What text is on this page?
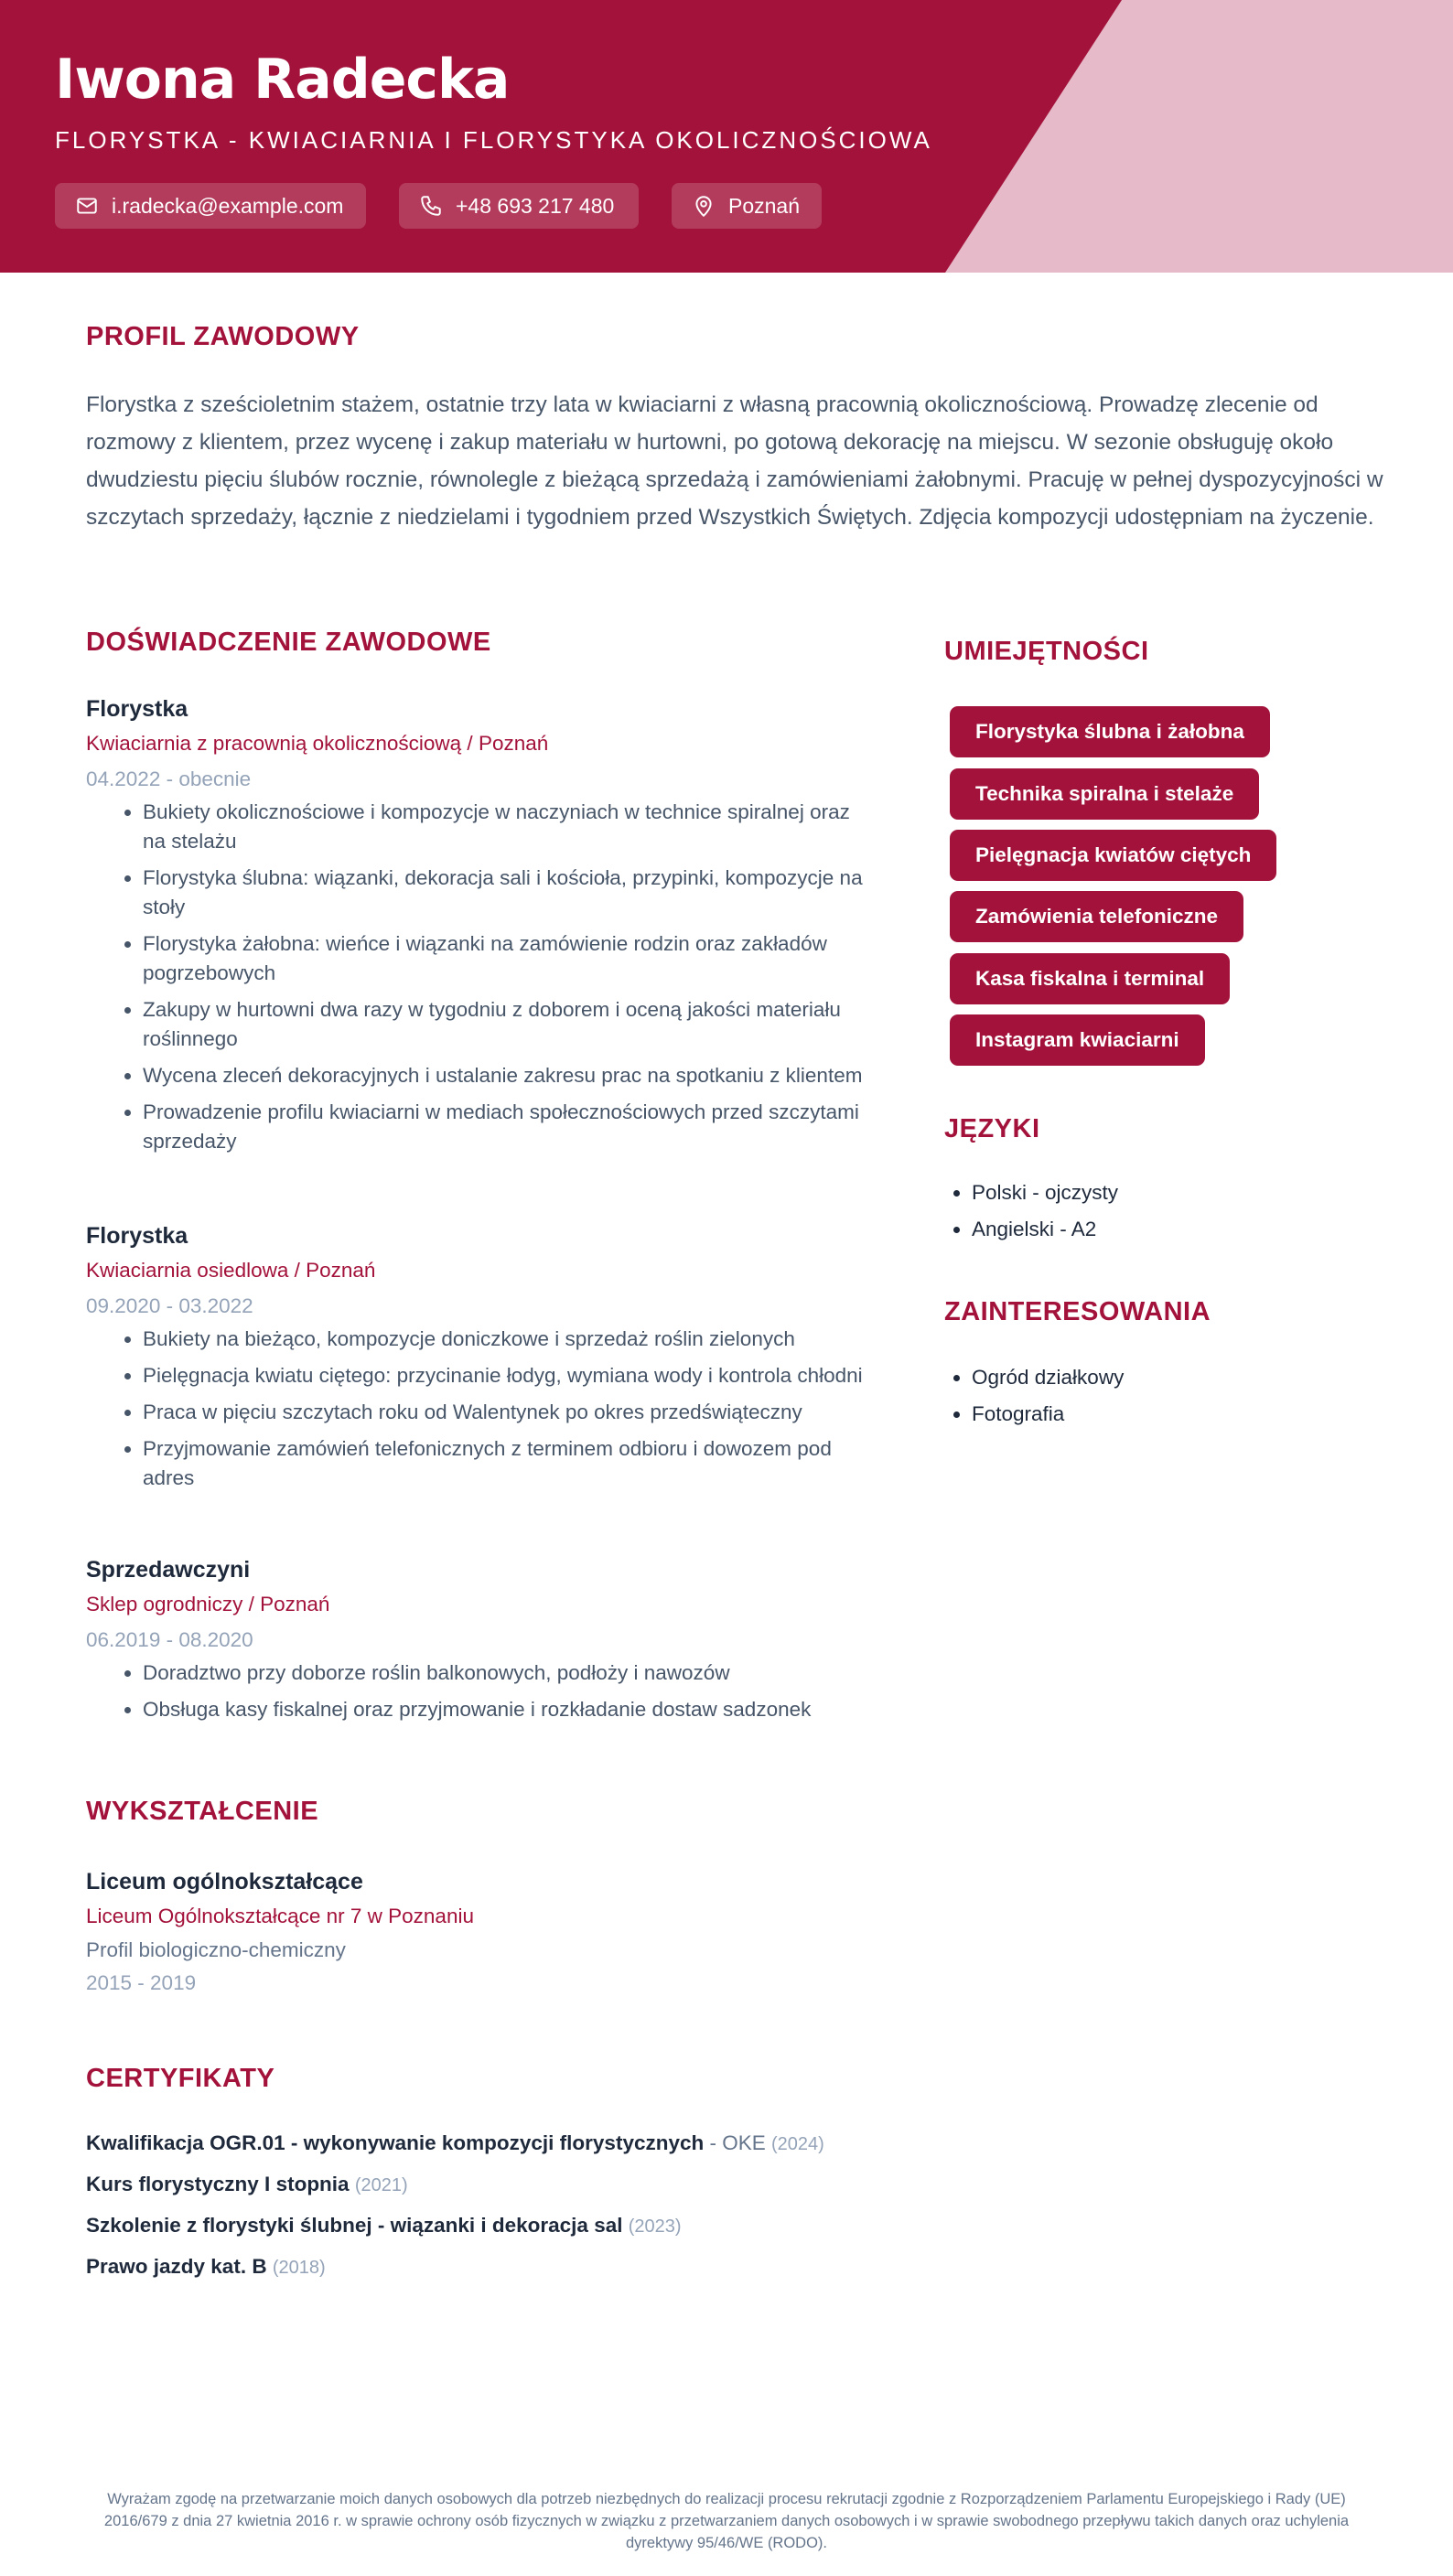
Iwona Radecka
FLORYSTKA - KWIACIARNIA I FLORYSTYKA OKOLICZNOŚCIOWA
i.radecka@example.com	+48 693 217 480	Poznań
PROFIL ZAWODOWY

Florystka z sześcioletnim stażem, ostatnie trzy lata w kwiaciarni z własną pracownią okolicznościową. Prowadzę zlecenie od rozmowy z klientem, przez wycenę i zakup materiału w hurtowni, po gotową dekorację na miejscu. W sezonie obsługuję około dwudziestu pięciu ślubów rocznie, równolegle z bieżącą sprzedażą i zamówieniami żałobnymi. Pracuję w pełnej dyspozycyjności w szczytach sprzedaży, łącznie z niedzielami i tygodniem przed Wszystkich Świętych. Zdjęcia kompozycji udostępniam na życzenie.

DOŚWIADCZENIE ZAWODOWE
Florystka
Kwiaciarnia z pracownią okolicznościową / Poznań
04.2022 - obecnie
• Bukiety okolicznościowe i kompozycje w naczyniach w technice spiralnej oraz na stelażu
• Florystyka ślubna: wiązanki, dekoracja sali i kościoła, przypinki, kompozycje na stoły
• Florystyka żałobna: wieńce i wiązanki na zamówienie rodzin oraz zakładów pogrzebowych
• Zakupy w hurtowni dwa razy w tygodniu z doborem i oceną jakości materiału roślinnego
• Wycena zleceń dekoracyjnych i ustalanie zakresu prac na spotkaniu z klientem
• Prowadzenie profilu kwiaciarni w mediach społecznościowych przed szczytami sprzedaży
Florystka
Kwiaciarnia osiedlowa / Poznań
09.2020 - 03.2022
• Bukiety na bieżąco, kompozycje doniczkowe i sprzedaż roślin zielonych
• Pielęgnacja kwiatu ciętego: przycinanie łodyg, wymiana wody i kontrola chłodni
• Praca w pięciu szczytach roku od Walentynek po okres przedświąteczny
• Przyjmowanie zamówień telefonicznych z terminem odbioru i dowozem pod adres
Sprzedawczyni
Sklep ogrodniczy / Poznań
06.2019 - 08.2020
• Doradztwo przy doborze roślin balkonowych, podłoży i nawozów
• Obsługa kasy fiskalnej oraz przyjmowanie i rozkładanie dostaw sadzonek
UMIEJĘTNOŚCI
Florystyka ślubna i żałobna
Technika spiralna i stelaże
Pielęgnacja kwiatów ciętych
Zamówienia telefoniczne
Kasa fiskalna i terminal
Instagram kwiaciarni
JĘZYKI
• Polski - ojczysty
• Angielski - A2
ZAINTERESOWANIA
• Ogród działkowy
• Fotografia
WYKSZTAŁCENIE
Liceum ogólnokształcące
Liceum Ogólnokształcące nr 7 w Poznaniu
Profil biologiczno-chemiczny
2015 - 2019
CERTYFIKATY
Kwalifikacja OGR.01 - wykonywanie kompozycji florystycznych - OKE (2024)
Kurs florystyczny I stopnia (2021)
Szkolenie z florystyki ślubnej - wiązanki i dekoracja sal (2023)
Prawo jazdy kat. B (2018)

Wyrażam zgodę na przetwarzanie moich danych osobowych dla potrzeb niezbędnych do realizacji procesu rekrutacji zgodnie z Rozporządzeniem Parlamentu Europejskiego i Rady (UE) 2016/679 z dnia 27 kwietnia 2016 r. w sprawie ochrony osób fizycznych w związku z przetwarzaniem danych osobowych i w sprawie swobodnego przepływu takich danych oraz uchylenia dyrektywy 95/46/WE (RODO).
